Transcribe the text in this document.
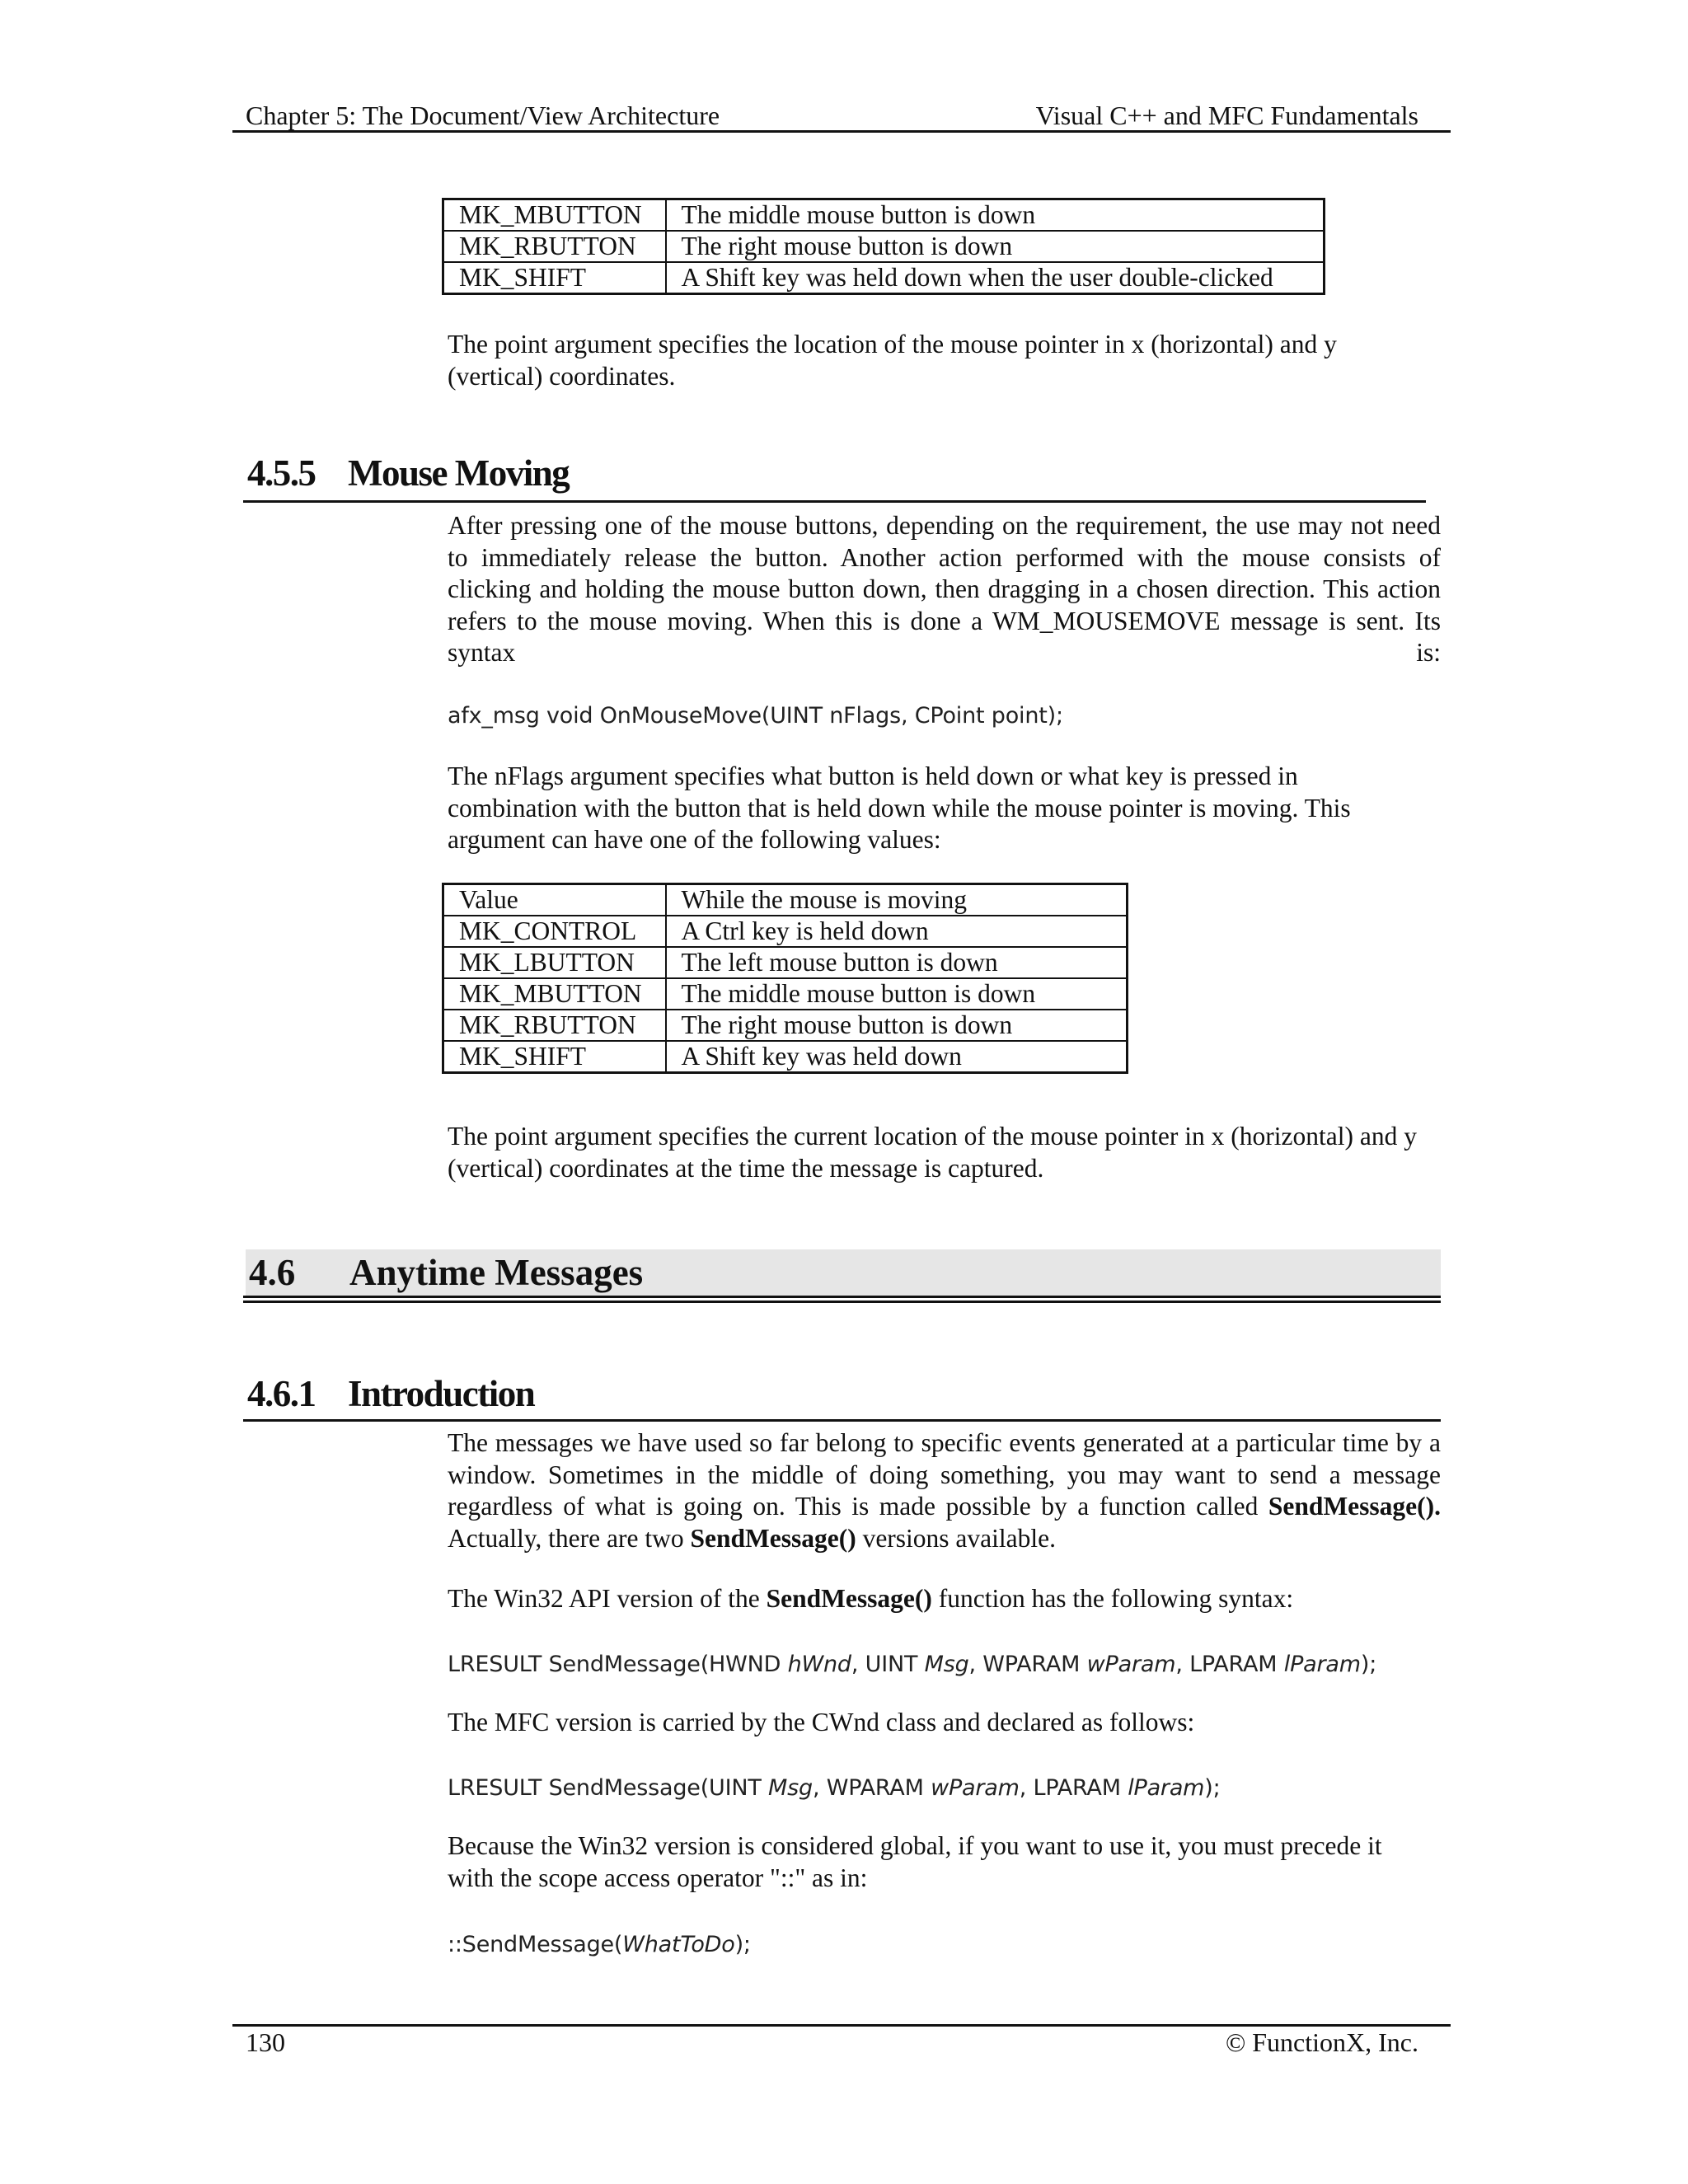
Chapter 5: The Document/View Architecture	Visual C++ and MFC Fundamentals
MK_MBUTTON	The middle mouse button is down
MK_RBUTTON	The right mouse button is down
MK_SHIFT	A Shift key was held down when the user double-clicked

The point argument specifies the location of the mouse pointer in x (horizontal) and y (vertical) coordinates.

4.5.5 Mouse Moving

After pressing one of the mouse buttons, depending on the requirement, the use may not need to immediately release the button. Another action performed with the mouse consists of clicking and holding the mouse button down, then dragging in a chosen direction. This action refers to the mouse moving. When this is done a WM_MOUSEMOVE message is sent. Its syntax is:

afx_msg void OnMouseMove(UINT nFlags, CPoint point);

The nFlags argument specifies what button is held down or what key is pressed in combination with the button that is held down while the mouse pointer is moving. This argument can have one of the following values:

Value	While the mouse is moving
MK_CONTROL	A Ctrl key is held down
MK_LBUTTON	The left mouse button is down
MK_MBUTTON	The middle mouse button is down
MK_RBUTTON	The right mouse button is down
MK_SHIFT	A Shift key was held down

The point argument specifies the current location of the mouse pointer in x (horizontal) and y (vertical) coordinates at the time the message is captured.

4.6 Anytime Messages
4.6.1 Introduction

The messages we have used so far belong to specific events generated at a particular time by a window. Sometimes in the middle of doing something, you may want to send a message regardless of what is going on. This is made possible by a function called SendMessage(). Actually, there are two SendMessage() versions available.

The Win32 API version of the SendMessage() function has the following syntax:

LRESULT SendMessage(HWND hWnd, UINT Msg, WPARAM wParam, LPARAM lParam);

The MFC version is carried by the CWnd class and declared as follows:

LRESULT SendMessage(UINT Msg, WPARAM wParam, LPARAM lParam);

Because the Win32 version is considered global, if you want to use it, you must precede it with the scope access operator "::" as in:

::SendMessage(WhatToDo);
130	© FunctionX, Inc.
